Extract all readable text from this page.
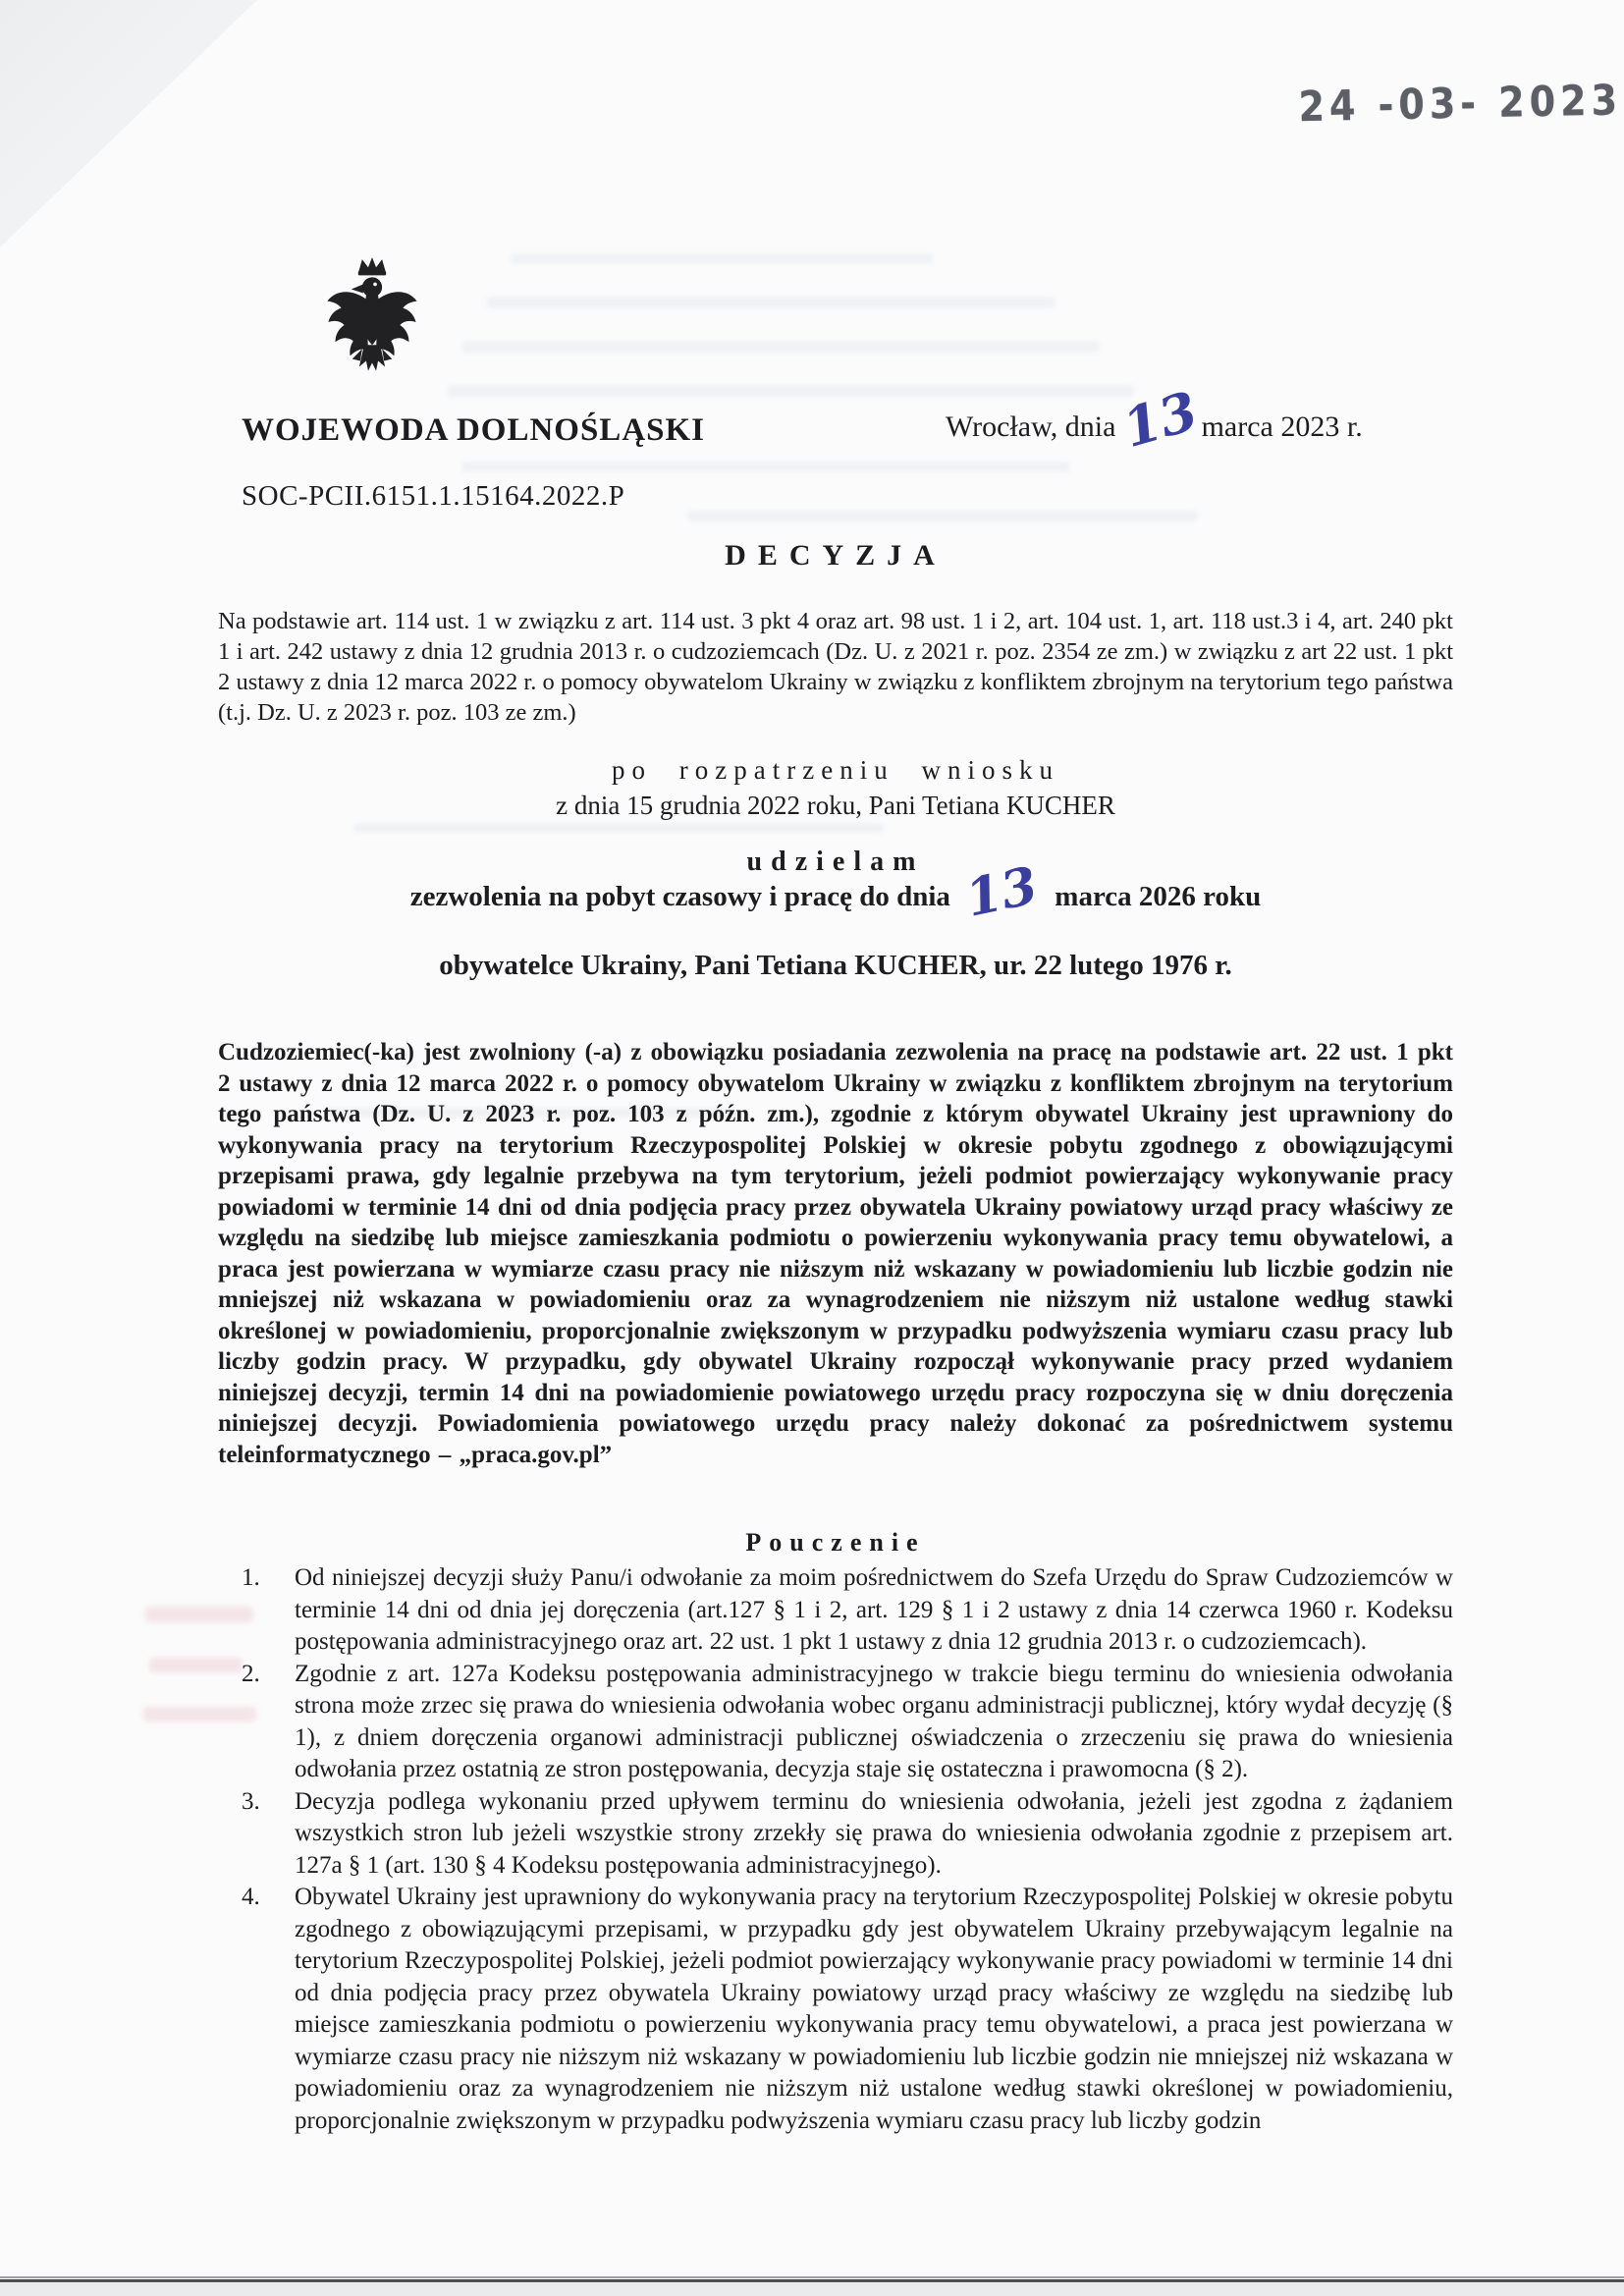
24 -03- 2023
WOJEWODA DOLNOŚLĄSKI	Wrocław, dnia13marca 2023 r.
SOC-PCII.6151.1.15164.2022.P
DECYZJA
Na podstawie art. 114 ust. 1 w związku z art. 114 ust. 3 pkt 4 oraz art. 98 ust. 1 i 2, art. 104 ust. 1, art. 118 ust.3 i 4, art. 240 pkt 1 i art. 242 ustawy z dnia 12 grudnia 2013 r. o cudzoziemcach (Dz. U. z 2021 r. poz. 2354 ze zm.) w związku z art 22 ust. 1 pkt 2 ustawy z dnia 12 marca 2022 r. o pomocy obywatelom Ukrainy w związku z konfliktem zbrojnym na terytorium tego państwa (t.j. Dz. U. z 2023 r. poz. 103 ze zm.)
po rozpatrzeniu wniosku
z dnia 15 grudnia 2022 roku, Pani Tetiana KUCHER
udzielam
zezwolenia na pobyt czasowy i pracę do dnia 13 marca 2026 roku
obywatelce Ukrainy, Pani Tetiana KUCHER, ur. 22 lutego 1976 r.
Cudzoziemiec(-ka) jest zwolniony (-a) z obowiązku posiadania zezwolenia na pracę na podstawie art. 22 ust. 1 pkt 2 ustawy z dnia 12 marca 2022 r. o pomocy obywatelom Ukrainy w związku z konfliktem zbrojnym na terytorium tego państwa (Dz. U. z 2023 r. poz. 103 z późn. zm.), zgodnie z którym obywatel Ukrainy jest uprawniony do wykonywania pracy na terytorium Rzeczypospolitej Polskiej w okresie pobytu zgodnego z obowiązującymi przepisami prawa, gdy legalnie przebywa na tym terytorium, jeżeli podmiot powierzający wykonywanie pracy powiadomi w terminie 14 dni od dnia podjęcia pracy przez obywatela Ukrainy powiatowy urząd pracy właściwy ze względu na siedzibę lub miejsce zamieszkania podmiotu o powierzeniu wykonywania pracy temu obywatelowi, a praca jest powierzana w wymiarze czasu pracy nie niższym niż wskazany w powiadomieniu lub liczbie godzin nie mniejszej niż wskazana w powiadomieniu oraz za wynagrodzeniem nie niższym niż ustalone według stawki określonej w powiadomieniu, proporcjonalnie zwiększonym w przypadku podwyższenia wymiaru czasu pracy lub liczby godzin pracy. W przypadku, gdy obywatel Ukrainy rozpoczął wykonywanie pracy przed wydaniem niniejszej decyzji, termin 14 dni na powiadomienie powiatowego urzędu pracy rozpoczyna się w dniu doręczenia niniejszej decyzji. Powiadomienia powiatowego urzędu pracy należy dokonać za pośrednictwem systemu teleinformatycznego – „praca.gov.pl”
Pouczenie
1.	Od niniejszej decyzji służy Panu/i odwołanie za moim pośrednictwem do Szefa Urzędu do Spraw Cudzoziemców w terminie 14 dni od dnia jej doręczenia (art.127 § 1 i 2, art. 129 § 1 i 2 ustawy z dnia 14 czerwca 1960 r. Kodeksu postępowania administracyjnego oraz art. 22 ust. 1 pkt 1 ustawy z dnia 12 grudnia 2013 r. o cudzoziemcach).
2.	Zgodnie z art. 127a Kodeksu postępowania administracyjnego w trakcie biegu terminu do wniesienia odwołania strona może zrzec się prawa do wniesienia odwołania wobec organu administracji publicznej, który wydał decyzję (§ 1), z dniem doręczenia organowi administracji publicznej oświadczenia o zrzeczeniu się prawa do wniesienia odwołania przez ostatnią ze stron postępowania, decyzja staje się ostateczna i prawomocna (§ 2).
3.	Decyzja podlega wykonaniu przed upływem terminu do wniesienia odwołania, jeżeli jest zgodna z żądaniem wszystkich stron lub jeżeli wszystkie strony zrzekły się prawa do wniesienia odwołania zgodnie z przepisem art. 127a § 1 (art. 130 § 4 Kodeksu postępowania administracyjnego).
4.	Obywatel Ukrainy jest uprawniony do wykonywania pracy na terytorium Rzeczypospolitej Polskiej w okresie pobytu zgodnego z obowiązującymi przepisami, w przypadku gdy jest obywatelem Ukrainy przebywającym legalnie na terytorium Rzeczypospolitej Polskiej, jeżeli podmiot powierzający wykonywanie pracy powiadomi w terminie 14 dni od dnia podjęcia pracy przez obywatela Ukrainy powiatowy urząd pracy właściwy ze względu na siedzibę lub miejsce zamieszkania podmiotu o powierzeniu wykonywania pracy temu obywatelowi, a praca jest powierzana w wymiarze czasu pracy nie niższym niż wskazany w powiadomieniu lub liczbie godzin nie mniejszej niż wskazana w powiadomieniu oraz za wynagrodzeniem nie niższym niż ustalone według stawki określonej w powiadomieniu, proporcjonalnie zwiększonym w przypadku podwyższenia wymiaru czasu pracy lub liczby godzin
